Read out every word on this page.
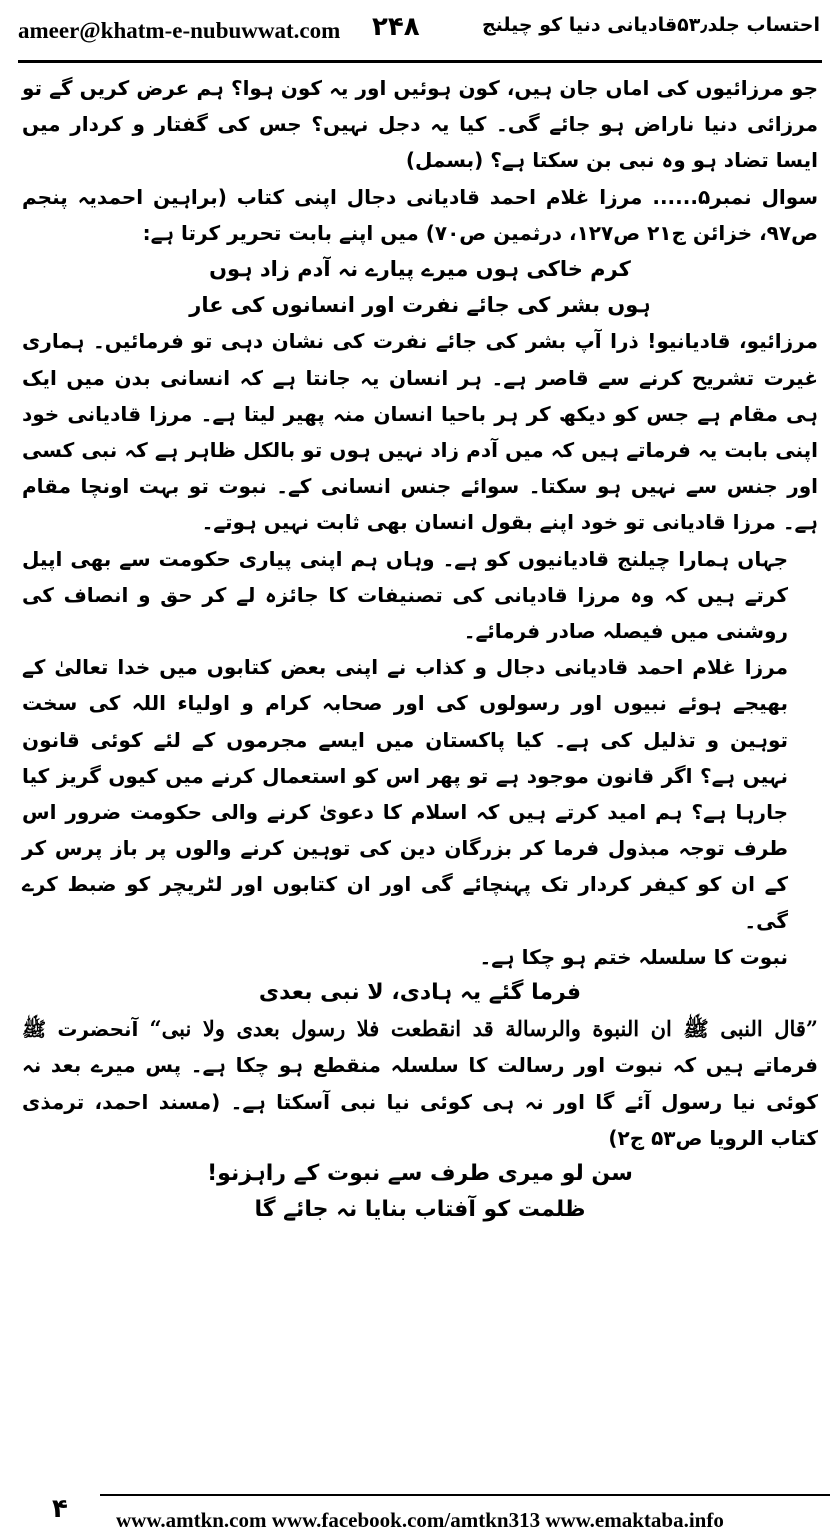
ameer@khatm-e-nubuwwat.com ۲۴۸	احتساب جلد۵۳٫قادیانی دنیا کو چیلنج

جو مرزائیوں کی اماں جان ہیں، کون ہوئیں اور یہ کون ہوا؟ ہم عرض کریں گے تو مرزائی دنیا ناراض ہو جائے گی۔ کیا یہ دجل نہیں؟ جس کی گفتار و کردار میں ایسا تضاد ہو وہ نبی بن سکتا ہے؟ (بسمل)

سوال نمبر۵...... مرزا غلام احمد قادیانی دجال اپنی کتاب (براہین احمدیہ پنجم ص۹۷، خزائن ج۲۱ ص۱۲۷، درثمین ص۷۰) میں اپنے بابت تحریر کرتا ہے:

کرم خاکی ہوں میرے پیارے نہ آدم زاد ہوں

ہوں بشر کی جائے نفرت اور انسانوں کی عار

مرزائیو، قادیانیو! ذرا آپ بشر کی جائے نفرت کی نشان دہی تو فرمائیں۔ ہماری غیرت تشریح کرنے سے قاصر ہے۔ ہر انسان یہ جانتا ہے کہ انسانی بدن میں ایک ہی مقام ہے جس کو دیکھ کر ہر باحیا انسان منہ پھیر لیتا ہے۔ مرزا قادیانی خود اپنی بابت یہ فرماتے ہیں کہ میں آدم زاد نہیں ہوں تو بالکل ظاہر ہے کہ نبی کسی اور جنس سے نہیں ہو سکتا۔ سوائے جنس انسانی کے۔ نبوت تو بہت اونچا مقام ہے۔ مرزا قادیانی تو خود اپنے بقول انسان بھی ثابت نہیں ہوتے۔

جہاں ہمارا چیلنج قادیانیوں کو ہے۔ وہاں ہم اپنی پیاری حکومت سے بھی اپیل کرتے ہیں کہ وہ مرزا قادیانی کی تصنیفات کا جائزہ لے کر حق و انصاف کی روشنی میں فیصلہ صادر فرمائے۔

مرزا غلام احمد قادیانی دجال و کذاب نے اپنی بعض کتابوں میں خدا تعالیٰ کے بھیجے ہوئے نبیوں اور رسولوں کی اور صحابہ کرام و اولیاء اللہ کی سخت توہین و تذلیل کی ہے۔ کیا پاکستان میں ایسے مجرموں کے لئے کوئی قانون نہیں ہے؟ اگر قانون موجود ہے تو پھر اس کو استعمال کرنے میں کیوں گریز کیا جارہا ہے؟ ہم امید کرتے ہیں کہ اسلام کا دعویٰ کرنے والی حکومت ضرور اس طرف توجہ مبذول فرما کر بزرگان دین کی توہین کرنے والوں پر باز پرس کر کے ان کو کیفر کردار تک پہنچائے گی اور ان کتابوں اور لٹریچر کو ضبط کرے گی۔

نبوت کا سلسلہ ختم ہو چکا ہے۔

فرما گئے یہ ہادی، لا نبی بعدی

”قال النبی ﷺ ان النبوة والرسالة قد انقطعت فلا رسول بعدی ولا نبی“ آنحضرت ﷺ فرماتے ہیں کہ نبوت اور رسالت کا سلسلہ منقطع ہو چکا ہے۔ پس میرے بعد نہ کوئی نیا رسول آئے گا اور نہ ہی کوئی نیا نبی آسکتا ہے۔ (مسند احمد، ترمذی کتاب الرویا ص۵۳ ج۲)

سن لو میری طرف سے نبوت کے راہزنو!

ظلمت کو آفتاب بنایا نہ جائے گا

۴ www.amtkn.com www.facebook.com/amtkn313 www.emaktaba.info
